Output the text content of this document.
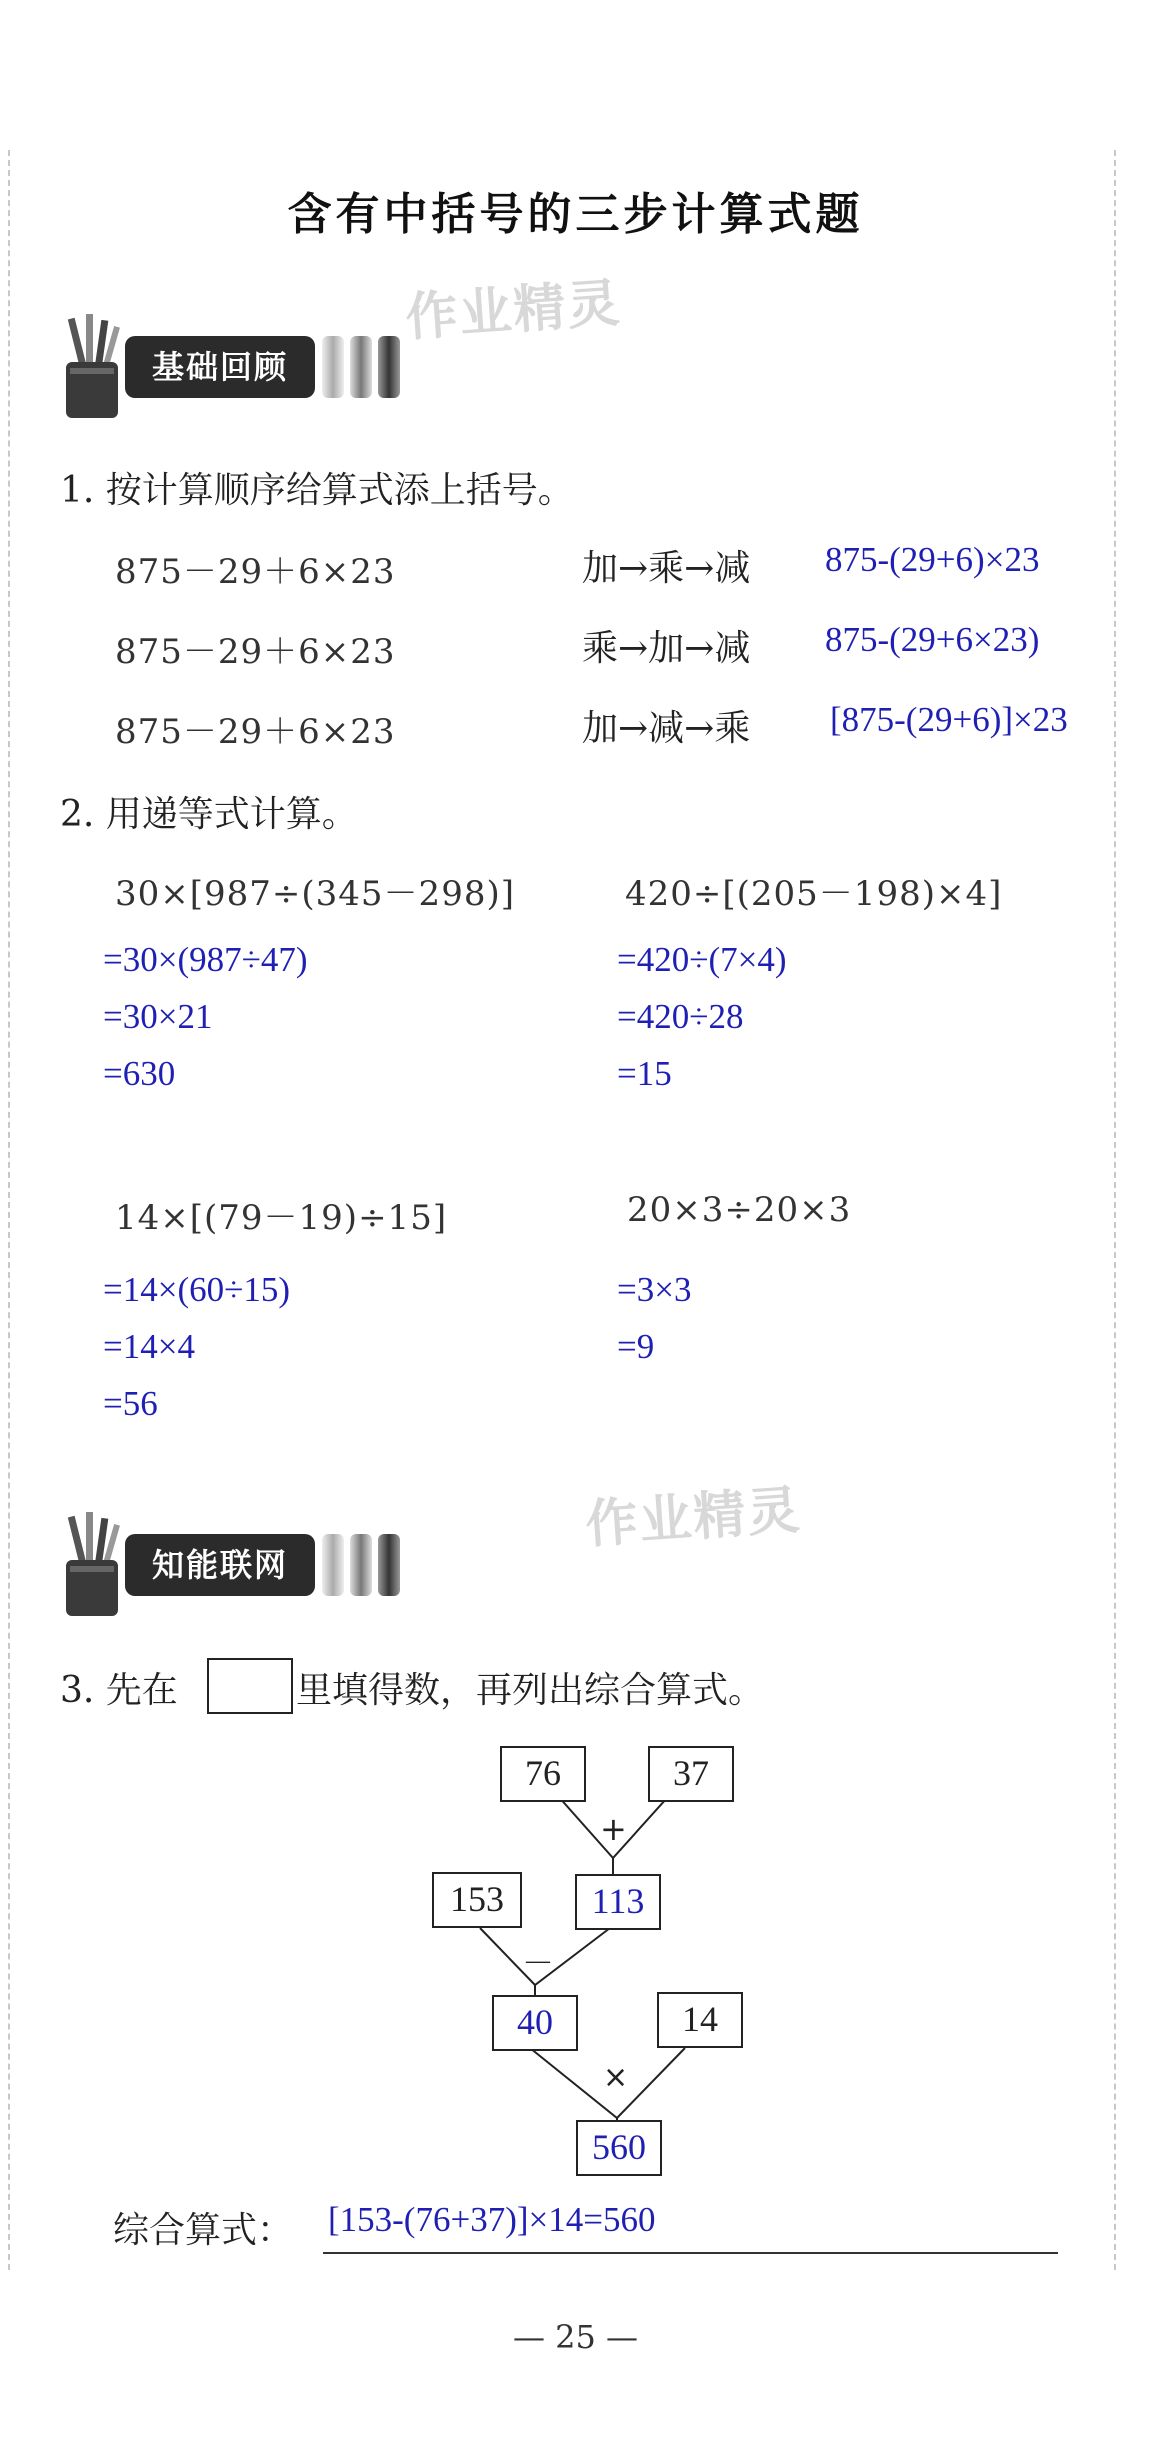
含有中括号的三步计算式题
作业精灵
作业精灵
基础回顾
1. 按计算顺序给算式添上括号。
875－29＋6×23	加→乘→减 875-(29+6)×23
875－29＋6×23	乘→加→减 875-(29+6×23)
875－29＋6×23	加→减→乘 [875-(29+6)]×23
2. 用递等式计算。
30×[987÷(345－298)]
=30×(987÷47)
=30×21
=630
420÷[(205－198)×4]
=420÷(7×4)
=420÷28
=15
14×[(79－19)÷15]
=14×(60÷15)
=14×4
=56
20×3÷20×3
=3×3
=9
知能联网
3. 先在	里填得数，再列出综合算式。
76	37
+
153	113
－
40	14
×
560
综合算式： [153-(76+37)]×14=560
— 25 —
